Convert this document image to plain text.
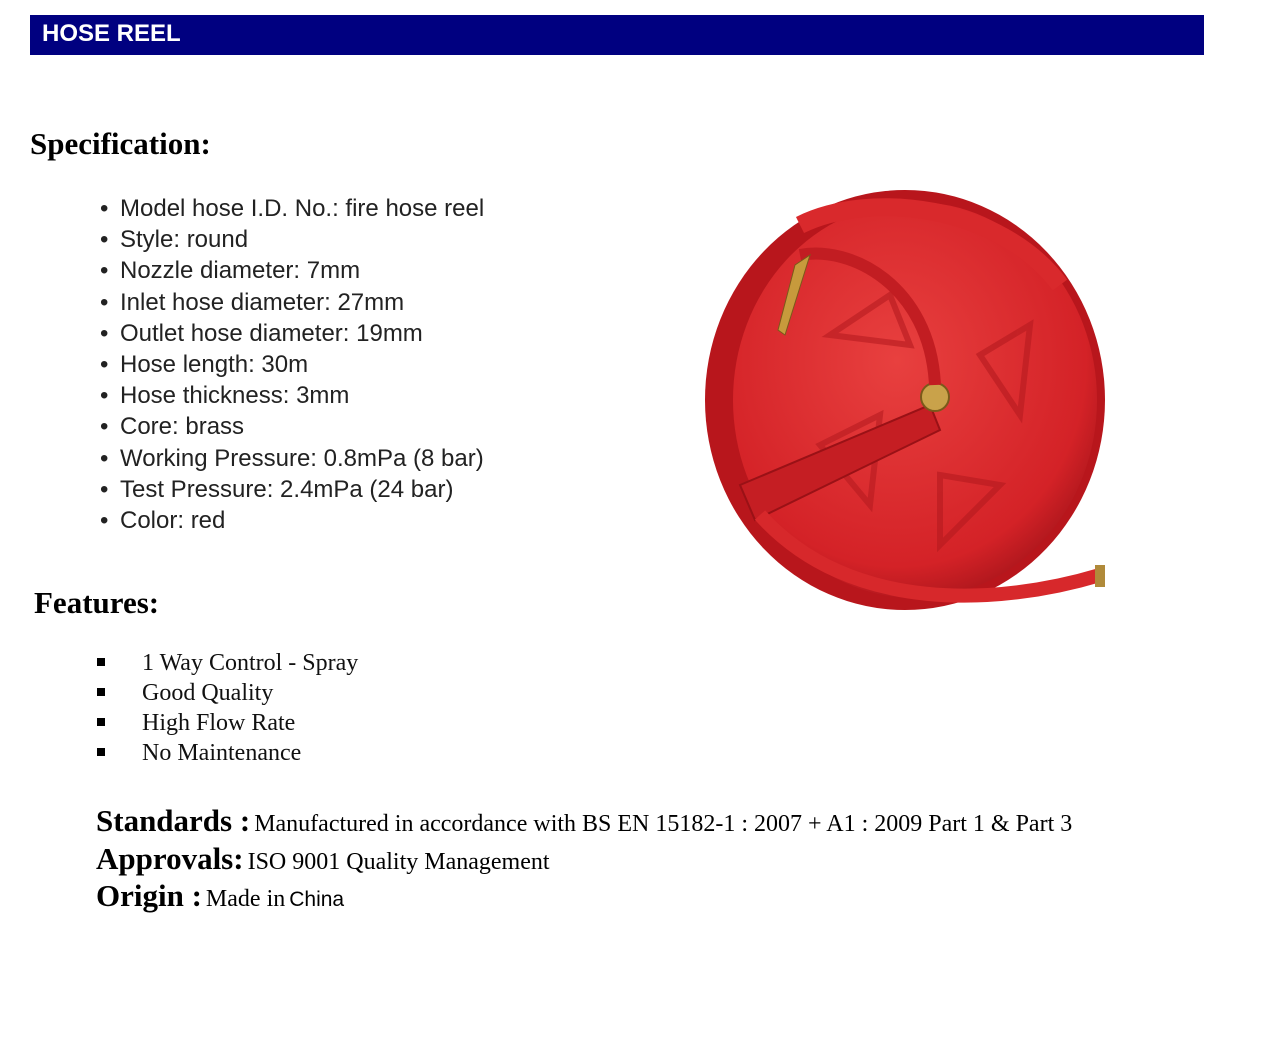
HOSE REEL
Specification:
• Model hose I.D. No.: fire hose reel
• Style: round
• Nozzle diameter: 7mm
• Inlet hose diameter: 27mm
• Outlet hose diameter: 19mm
• Hose length: 30m
• Hose thickness: 3mm
• Core: brass
• Working Pressure: 0.8mPa (8 bar)
• Test Pressure: 2.4mPa (24 bar)
• Color: red
Features:
1 Way Control - Spray
Good Quality
High Flow Rate
No Maintenance
Standards : Manufactured in accordance with BS EN 15182-1 : 2007 + A1 : 2009 Part 1 & Part 3
Approvals: ISO 9001 Quality Management
Origin : Made in China
